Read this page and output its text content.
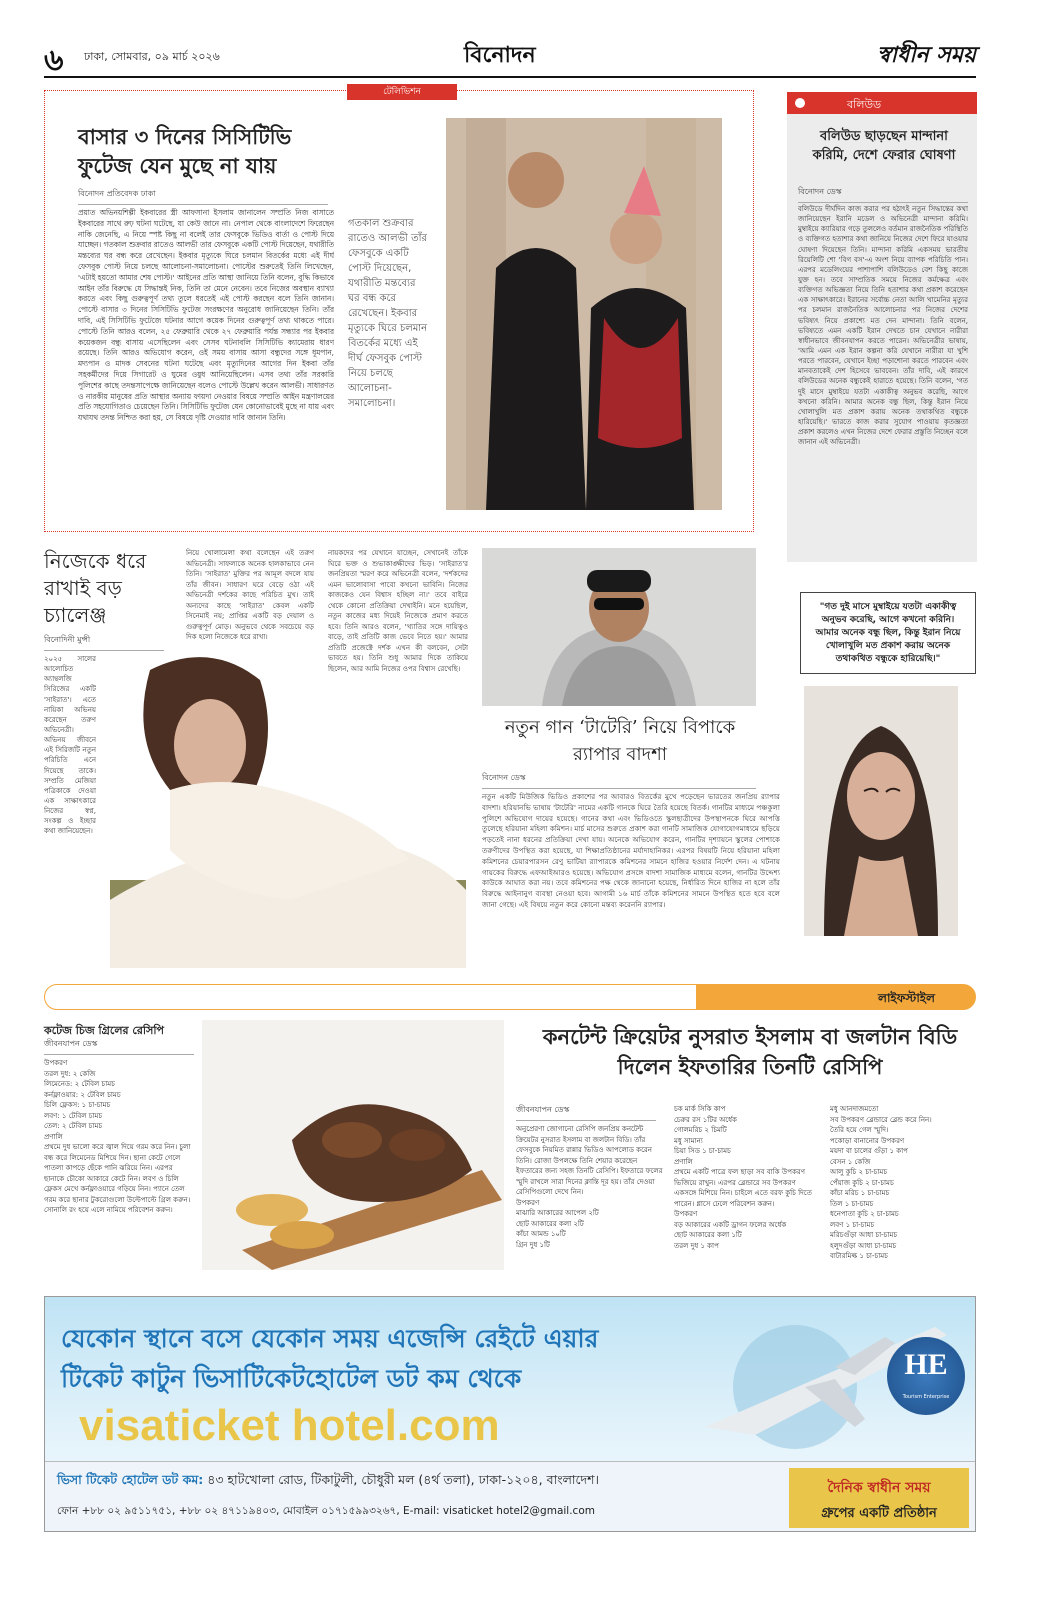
৬ ঢাকা, সোমবার, ০৯ মার্চ ২০২৬	বিনোদন	স্বাধীন সময়
টেলিভিশন
বাসার ৩ দিনের সিসিটিভি ফুটেজ যেন মুছে না যায়
বিনোদন প্রতিবেদক ঢাকা
প্রয়াত অভিনয়শিল্পী ইকবারের স্ত্রী আফসানা ইসলাম জানালেন সম্প্রতি নিজ বাসাতে ইকবারের সাথে রুঢ় ঘটনা ঘটেছে, যা কেউ জানে না। নেপাল থেকে বাংলাদেশে ফিরেছেন নাকি জেনেছি, এ নিয়ে স্পষ্ট কিছু না বলেই তার ফেসবুকে ভিডিও বার্তা ও পোস্ট দিয়ে যাচ্ছেন। গতকাল শুক্রবার রাতেও আলভী তার ফেসবুকে একটি পোস্ট দিয়েছেন, যথারীতি মন্তব্যের ঘর বন্ধ করে রেখেছেন। ইকবার মৃত্যুকে ঘিরে চলমান বিতর্কের মধ্যে এই দীর্ঘ ফেসবুক পোস্ট নিয়ে চলছে আলোচনা-সমালোচনা। পোস্টের শুরুতেই তিনি লিখেছেন, 'এটাই হয়তো আমার শেষ পোস্ট।' আইনের প্রতি আস্থা জানিয়ে তিনি বলেন, বুদ্ধি কিভাবে আইন তাঁর বিরুদ্ধে যে সিদ্ধান্তই নিক, তিনি তা মেনে নেবেন। তবে নিজের অবস্থান ব্যাখ্যা করতে এবং কিছু গুরুত্বপূর্ণ তথ্য তুলে ধরতেই এই পোস্ট করছেন বলে তিনি জানান। পোস্টে বাসার ৩ দিনের সিসিটিভি ফুটেজ সংরক্ষণের অনুরোধ জানিয়েছেন তিনি। তাঁর দাবি, এই সিসিটিভি ফুটেজে ঘটনার আগে কয়েক দিনের গুরুত্বপূর্ণ তথ্য থাকতে পারে। পোস্টে তিনি আরও বলেন, ২৫ ফেব্রুয়ারি থেকে ২৭ ফেব্রুয়ারি পর্যন্ত সন্ধ্যার পর ইকবার কয়েকজন বন্ধু বাসায় এসেছিলেন এবং সেসব ঘটনাবলি সিসিটিভি ক্যামেরায় ধারণ রয়েছে। তিনি আরও অভিযোগ করেন, ওই সময় বাসায় আসা বন্ধুদের সঙ্গে ধূমপান, মদ্যপান ও মাদক সেবনের ঘটনা ঘটেছে এবং মৃত্যুদিনের আগের দিন ইকবা তাঁর সহকর্মীদের দিয়ে সিগারেট ও ঘুমের ওষুধ আনিয়েছিলেন। এসব তথ্য তাঁর সরকারি পুলিশের কাছে তদন্তসাপেক্ষে জানিয়েছেন বলেও পোস্টে উল্লেখ করেন আলভী। সাধারণত ও নারকীয় মানুষের প্রতি আস্থার অন্যায় ফায়দা নেওয়ার বিষয়ে সম্প্রতি আইন মন্ত্রণালয়ের প্রতি সহযোগিতাও চেয়েছেন তিনি। সিসিটিভি ফুটেজ যেন কোনোভাবেই মুছে না যায় এবং যথাযথ তদন্ত নিশ্চিত করা হয়, সে বিষয়ে দৃষ্টি দেওয়ার দাবি জানান তিনি।
গতকাল শুক্রবার রাতেও আলভী তাঁর ফেসবুকে একটি পোস্ট দিয়েছেন, যথারীতি মন্তব্যের ঘর বন্ধ করে রেখেছেন। ইকবার মৃত্যুকে ঘিরে চলমান বিতর্কের মধ্যে এই দীর্ঘ ফেসবুক পোস্ট নিয়ে চলছে আলোচনা-সমালোচনা।
বলিউড
বলিউড ছাড়ছেন মান্দানা করিমি, দেশে ফেরার ঘোষণা
বিনোদন ডেস্ক
বলিউডে দীর্ঘদিন কাজ করার পর হঠাৎই নতুন সিদ্ধান্তের কথা জানিয়েছেন ইরানি মডেল ও অভিনেত্রী মান্দানা করিমি। মুম্বাইয়ে ক্যারিয়ার গড়ে তুললেও বর্তমান রাজনৈতিক পরিস্থিতি ও ব্যক্তিগত হতাশার কথা জানিয়ে নিজের দেশে ফিরে যাওয়ার ঘোষণা দিয়েছেন তিনি। মান্দানা করিমি একসময় ভারতীয় রিয়েলিটি শো 'বিগ বস'-এ অংশ নিয়ে ব্যাপক পরিচিতি পান। এরপর মডেলিংয়ের পাশাপাশি বলিউডেও বেশ কিছু কাজে যুক্ত হন। তবে সাম্প্রতিক সময়ে নিজের কর্মক্ষেত্র এবং ব্যক্তিগত অভিজ্ঞতা নিয়ে তিনি হতাশার কথা প্রকাশ করেছেন এক সাক্ষাৎকারে। ইরানের সর্বোচ্চ নেতা আলি খামেনির মৃত্যুর পর চলমান রাজনৈতিক আলোচনার পর নিজের দেশের ভবিষ্যৎ নিয়ে প্রকাশ্যে মত দেন মান্দানা। তিনি বলেন, ভবিষ্যতে এমন একটি ইরান দেখতে চান যেখানে নারীরা স্বাধীনভাবে জীবনযাপন করতে পারেন। অভিনেত্রীর ভাষায়, 'আমি এমন এক ইরান কল্পনা করি যেখানে নারীরা যা খুশি পরতে পারবেন, যেখানে ইচ্ছা পড়াশোনা করতে পারবেন এবং মানবতাকেই দেশ হিসেবে ভাববেন। তাঁর দাবি, এই কারণে বলিউডের অনেক বন্ধুকেই হারাতে হয়েছে। তিনি বলেন, 'গত দুই মাসে মুম্বাইয়ে যতটা একাকীত্ব অনুভব করেছি, আগে কখনো করিনি। আমার অনেক বন্ধু ছিল, কিন্তু ইরান নিয়ে খোলাখুলি মত প্রকাশ করায় অনেক তথাকথিত বন্ধুকে হারিয়েছি।' ভারতে কাজ করার সুযোগ পাওয়ায় কৃতজ্ঞতা প্রকাশ করলেও এখন নিজের দেশে ফেরার প্রস্তুতি নিচ্ছেন বলে জানান এই অভিনেত্রী।
"গত দুই মাসে মুম্বাইয়ে যতটা একাকীত্ব অনুভব করেছি, আগে কখনো করিনি। আমার অনেক বন্ধু ছিল, কিন্তু ইরান নিয়ে খোলাখুলি মত প্রকাশ করায় অনেক তথাকথিত বন্ধুকে হারিয়েছি।"
নিজেকে ধরে রাখাই বড় চ্যালেঞ্জ
বিনোদিনী মুন্সী
২০২৫ সালের আলোচিত অ্যান্থলজি সিরিজের একটি 'সাইরাত'। এতে নায়িকা অভিনয় করেছেন তরুণ অভিনেত্রী। অভিনয় জীবনে এই সিরিজটি নতুন পরিচিতি এনে দিয়েছে তাকে। সম্প্রতি মেজিয়া পত্রিকাকে দেওয়া এক সাক্ষাৎকারে নিজের স্বপ্ন, সংকল্প ও ইচ্ছার কথা জানিয়েছেন।
নিয়ে খোলামেলা কথা বলেছেন এই তরুণ অভিনেত্রী। সাফল্যকে অনেক হালকাভাবে নেন তিনি। 'সাইরাত' মুক্তির পর আমূল বদলে যায় তাঁর জীবন। সাধারণ ঘরে বেড়ে ওঠা এই অভিনেত্রী দর্শকের কাছে পরিচিত মুখ। তাই অন্যদের কাছে 'সাইরাত' কেবল একটি সিনেমাই নয়; প্রাপ্তির একটি বড় দেয়াল ও গুরুত্বপূর্ণ মোড়। অনুভবে থেকে সবচেয়ে বড় দিক হলো নিজেকে ধরে রাখা।
নায়কদের পর যেখানে যাচ্ছেন, সেখানেই তাঁকে ঘিরে ভক্ত ও শুভাকাঙ্ক্ষীদের ভিড়। 'সাইরাত'র জনপ্রিয়তা স্মরণ করে অভিনেত্রী বলেন, 'দর্শকদের এমন ভালোবাসা পাবো কখনো ভাবিনি। নিজের কাজকেও যেন বিশ্বাস হচ্ছিল না।' তবে বাইরে থেকে কোনো প্রতিক্রিয়া দেখাইনি। মনে হয়েছিল, নতুন কাজের মধ্য দিয়েই নিজেকে প্রমাণ করতে হবে। তিনি আরও বলেন, 'খ্যাতির সঙ্গে দায়িত্বও বাড়ে, তাই প্রতিটি কাজ ভেবে নিতে হয়।' আমার প্রতিটি প্রজেক্টে দর্শক এখন কী বলবেন, সেটা ভাবতে হয়। তিনি শুধু আমার দিকে তাকিয়ে ছিলেন, আর আমি নিজের ওপর বিশ্বাস রেখেছি।
নতুন গান ‘টাটেরি’ নিয়ে বিপাকে র‍্যাপার বাদশা
বিনোদন ডেস্ক
নতুন একটি মিউজিক ভিডিও প্রকাশের পর আবারও বিতর্কের মুখে পড়েছেন ভারতের জনপ্রিয় র‍্যাপার বাদশা। হরিয়ানভি ভাষায় 'টাটেরি' নামের একটি গানকে ঘিরে তৈরি হয়েছে বিতর্ক। গানটির মাধ্যমে পঞ্চকুলা পুলিশে অভিযোগ দায়ের হয়েছে। গানের কথা এবং ভিডিওতে স্কুলছাত্রীদের উপস্থাপনকে ঘিরে আপত্তি তুলেছে হরিয়ানা মহিলা কমিশন। মার্চ মাসের শুরুতে প্রকাশ করা গানটি সামাজিক যোগাযোগমাধ্যমে ছড়িয়ে পড়তেই নানা ধরনের প্রতিক্রিয়া দেখা যায়। অনেকে অভিযোগ করেন, গানটির দৃশ্যায়নে স্কুলের পোশাকে তরুণীদের উপস্থিত করা হয়েছে, যা শিক্ষাপ্রতিষ্ঠানের মর্যাদাহানিকর। এরপর বিষয়টি নিয়ে হরিয়ানা মহিলা কমিশনের চেয়ারপারসন রেণু ভাটিয়া র‍্যাপারকে কমিশনের সামনে হাজির হওয়ার নির্দেশ দেন। এ ঘটনায় গায়কের বিরুদ্ধে এফআইআরও হয়েছে। অভিযোগ প্রসঙ্গে বাদশা সামাজিক মাধ্যমে বলেন, গানটির উদ্দেশ্য কাউকে আঘাত করা নয়। তবে কমিশনের পক্ষ থেকে জানানো হয়েছে, নির্ধারিত দিনে হাজির না হলে তাঁর বিরুদ্ধে আইনানুগ ব্যবস্থা নেওয়া হবে। আগামী ১৬ মার্চ তাঁকে কমিশনের সামনে উপস্থিত হতে হবে বলে জানা গেছে। এই বিষয়ে নতুন করে কোনো মন্তব্য করেননি র‍্যাপার।
লাইফস্টাইল
কটেজ চিজ গ্রিলের রেসিপি
জীবনযাপন ডেস্ক
উপকরণ
তরল দুধ: ২ কেজি
লিমেনেড: ২ টেবিল চামচ
কর্নফ্লাওয়ার: ২ টেবিল চামচ
চিলি ফ্লেকস: ১ চা-চামচ
লবণ: ১ টেবিল চামচ
তেল: ২ টেবিল চামচ
প্রণালি
প্রথমে দুধ ভালো করে জ্বাল দিয়ে গরম করে নিন। চুলা বন্ধ করে লিমেনেড মিশিয়ে দিন। ছানা কেটে গেলে পাতলা কাপড়ে ছেঁকে পানি ঝরিয়ে নিন। এরপর ছানাকে চৌকো আকারে কেটে নিন। লবণ ও চিলি ফ্লেকস মেখে কর্নফ্লাওয়ারে গড়িয়ে নিন। প্যানে তেল গরম করে ছানার টুকরোগুলো উল্টেপাল্টে গ্রিল করুন। সোনালি রং হয়ে এলে নামিয়ে পরিবেশন করুন।
কনটেন্ট ক্রিয়েটর নুসরাত ইসলাম বা জলটান বিডি দিলেন ইফতারির তিনটি রেসিপি
জীবনযাপন ডেস্ক
অনুপ্রেরণা জোগানো রেসিপি জনপ্রিয় কনটেন্ট ক্রিয়েটর নুসরাত ইসলাম বা জলটান বিডি। তাঁর ফেসবুকে নিয়মিত রান্নার ভিডিও আপলোড করেন তিনি। রোজা উপলক্ষে তিনি শেয়ার করেছেন ইফতারের জন্য সহজ তিনটি রেসিপি। ইফতারে ফলের স্মুদি রাখলে সারা দিনের ক্লান্তি দূর হয়। তাঁর দেওয়া রেসিপিগুলো দেখে নিন।
উপকরণ
মাঝারি আকারের আপেল ২টি
ছোট আকারের কলা ২টি
কাঁচা আমন্ড ১০টি
গ্রিন দুধ ১টি
চক মার্ক সিকি কাপ
চেরুর রস ১টির অর্ধেক
গোলমরিচ ২ চিমটি
মধু সামান্য
চিয়া সিড ১ চা-চামচ
প্রণালি
প্রথমে একটি পাত্রে ফল ছাড়া সব বাকি উপকরণ ভিজিয়ে রাখুন। এরপর ব্লেন্ডারে সব উপকরণ একসঙ্গে মিশিয়ে নিন। চাইলে এতে বরফ কুচি দিতে পারেন। গ্লাসে ঢেলে পরিবেশন করুন।
উপকরণ
বড় আকারের একটি ড্রাগন ফলের অর্ধেক
ছোট আকারের কলা ১টি
তরল দুধ ১ কাপ
মধু আনদাজমতো
সব উপকরণ ব্লেন্ডারে ব্লেন্ড করে নিন।
তৈরি হয়ে গেল স্মুদি।
পকোড়া বানানোর উপকরণ
ময়দা বা চালের গুঁড়া ১ কাপ
বেসন ১ কেজি
আলু কুচি ২ চা-চামচ
পেঁয়াজ কুচি ২ চা-চামচ
কাঁচা মরিচ ১ চা-চামচ
তিল ১ চা-চামচ
ধনেপাতা কুচি ২ চা-চামচ
লবণ ১ চা-চামচ
মরিচগুঁড়া আধা চা-চামচ
হলুদগুঁড়া আধা চা-চামচ
বাটারমিল্ক ১ চা-চামচ
যেকোন স্থানে বসে যেকোন সময় এজেন্সি রেইটে এয়ার
টিকেট কাটুন ভিসাটিকেটহোটেল ডট কম থেকে
visaticket hotel.com
HE
Tourism Enterprise
ভিসা টিকেট হোটেল ডট কম: ৪৩ হাটখোলা রোড, টিকাটুলী, চৌধুরী মল (৪র্থ তলা), ঢাকা-১২০৪, বাংলাদেশ।
ফোন +৮৮ ০২ ৯৫১১৭৫১, +৮৮ ০২ ৪৭১১৯৪০৩, মোবাইল ০১৭১৫৯৯৩২৬৭, E-mail: visaticket hotel2@gmail.com
দৈনিক স্বাধীন সময়
গ্রুপের একটি প্রতিষ্ঠান
